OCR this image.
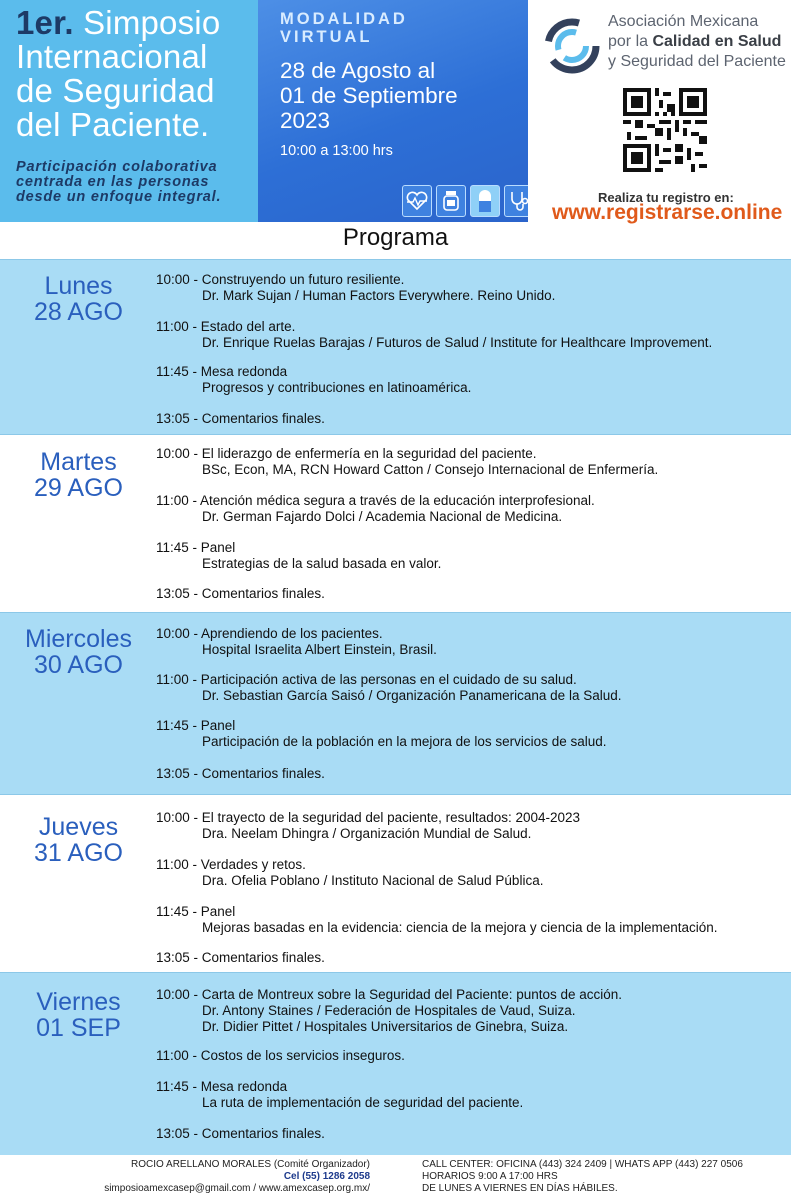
1er. Simposio
Internacional
de Seguridad
del Paciente.
Participación colaborativa
centrada en las personas
desde un enfoque integral.
MODALIDAD
VIRTUAL
28 de Agosto al
01 de Septiembre
2023
10:00 a 13:00 hrs
Asociación Mexicana
por la Calidad en Salud
y Seguridad del Paciente
Realiza tu registro en:
www.registrarse.online
Programa
Lunes
28 AGO
10:00 - Construyendo un futuro resiliente.
Dr. Mark Sujan / Human Factors Everywhere. Reino Unido.
11:00 - Estado del arte.
Dr. Enrique Ruelas Barajas / Futuros de Salud / Institute for Healthcare Improvement.
11:45 - Mesa redonda
Progresos y contribuciones en latinoamérica.
13:05 - Comentarios finales.
Martes
29 AGO
10:00 - El liderazgo de enfermería en la seguridad del paciente.
BSc, Econ, MA, RCN Howard Catton / Consejo Internacional de Enfermería.
11:00 - Atención médica segura a través de la educación interprofesional.
Dr. German Fajardo Dolci / Academia Nacional de Medicina.
11:45 - Panel
Estrategias de la salud basada en valor.
13:05 - Comentarios finales.
Miercoles
30 AGO
10:00 - Aprendiendo de los pacientes.
Hospital Israelita Albert Einstein, Brasil.
11:00 - Participación activa de las personas en el cuidado de su salud.
Dr. Sebastian García Saisó / Organización Panamericana de la Salud.
11:45 - Panel
Participación de la población en la mejora de los servicios de salud.
13:05 - Comentarios finales.
Jueves
31 AGO
10:00 - El trayecto de la seguridad del paciente, resultados: 2004-2023
Dra. Neelam Dhingra / Organización Mundial de Salud.
11:00 - Verdades y retos.
Dra. Ofelia Poblano / Instituto Nacional de Salud Pública.
11:45 - Panel
Mejoras basadas en la evidencia: ciencia de la mejora y ciencia de la implementación.
13:05 - Comentarios finales.
Viernes
01 SEP
10:00 - Carta de Montreux sobre la Seguridad del Paciente: puntos de acción.
Dr. Antony Staines / Federación de Hospitales de Vaud, Suiza.
Dr. Didier Pittet / Hospitales Universitarios de Ginebra, Suiza.
11:00 - Costos de los servicios inseguros.
11:45 - Mesa redonda
La ruta de implementación de seguridad del paciente.
13:05 - Comentarios finales.
ROCIO ARELLANO MORALES (Comité Organizador)
Cel (55) 1286 2058
simposioamexcasep@gmail.com / www.amexcasep.org.mx/
CALL CENTER: OFICINA (443) 324 2409 | WHATS APP (443) 227 0506
HORARIOS 9:00 A 17:00 HRS
DE LUNES A VIERNES EN DÍAS HÁBILES.
